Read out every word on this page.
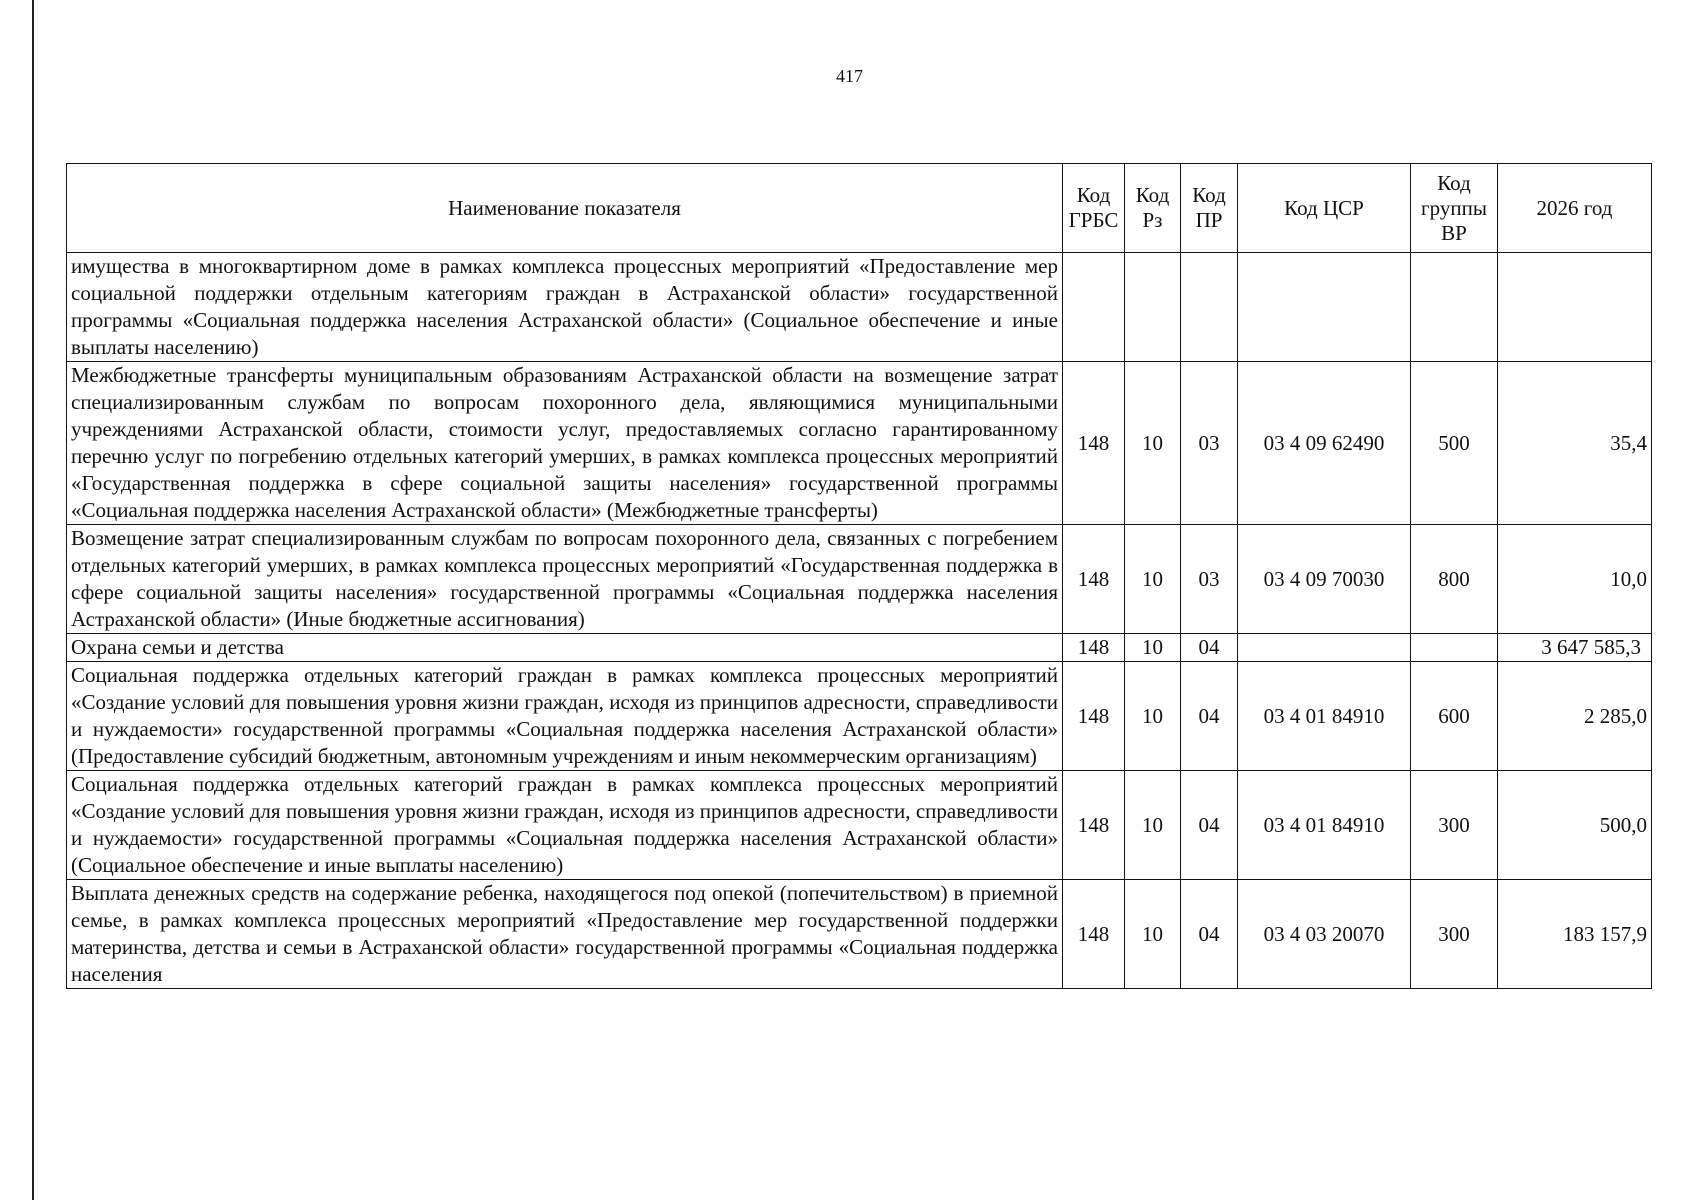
417
Наименование показателя	Код ГРБС	Код Рз	Код ПР	Код ЦСР	Код группы ВР	2026 год
имущества в многоквартирном доме в рамках комплекса процессных мероприятий «Предоставление мер социальной поддержки отдельным категориям граждан в Астраханской области» государственной программы «Социальная поддержка населения Астраханской области» (Социальное обеспечение и иные выплаты населению)						
Межбюджетные трансферты муниципальным образованиям Астраханской области на возмещение затрат специализированным службам по вопросам похоронного дела, являющимися муниципальными учреждениями Астраханской области, стоимости услуг, предоставляемых согласно гарантированному перечню услуг по погребению отдельных категорий умерших, в рамках комплекса процессных мероприятий «Государственная поддержка в сфере социальной защиты населения» государственной программы «Социальная поддержка населения Астраханской области» (Межбюджетные трансферты)	148	10	03	03 4 09 62490	500	35,4
Возмещение затрат специализированным службам по вопросам похоронного дела, связанных с погребением отдельных категорий умерших, в рамках комплекса процессных мероприятий «Государственная поддержка в сфере социальной защиты населения» государственной программы «Социальная поддержка населения Астраханской области» (Иные бюджетные ассигнования)	148	10	03	03 4 09 70030	800	10,0
Охрана семьи и детства	148	10	04			3 647 585,3
Социальная поддержка отдельных категорий граждан в рамках комплекса процессных мероприятий «Создание условий для повышения уровня жизни граждан, исходя из принципов адресности, справедливости и нуждаемости» государственной программы «Социальная поддержка населения Астраханской области» (Предоставление субсидий бюджетным, автономным учреждениям и иным некоммерческим организациям)	148	10	04	03 4 01 84910	600	2 285,0
Социальная поддержка отдельных категорий граждан в рамках комплекса процессных мероприятий «Создание условий для повышения уровня жизни граждан, исходя из принципов адресности, справедливости и нуждаемости» государственной программы «Социальная поддержка населения Астраханской области» (Социальное обеспечение и иные выплаты населению)	148	10	04	03 4 01 84910	300	500,0
Выплата денежных средств на содержание ребенка, находящегося под опекой (попечительством) в приемной семье, в рамках комплекса процессных мероприятий «Предоставление мер государственной поддержки материнства, детства и семьи в Астраханской области» государственной программы «Социальная поддержка населения	148	10	04	03 4 03 20070	300	183 157,9
